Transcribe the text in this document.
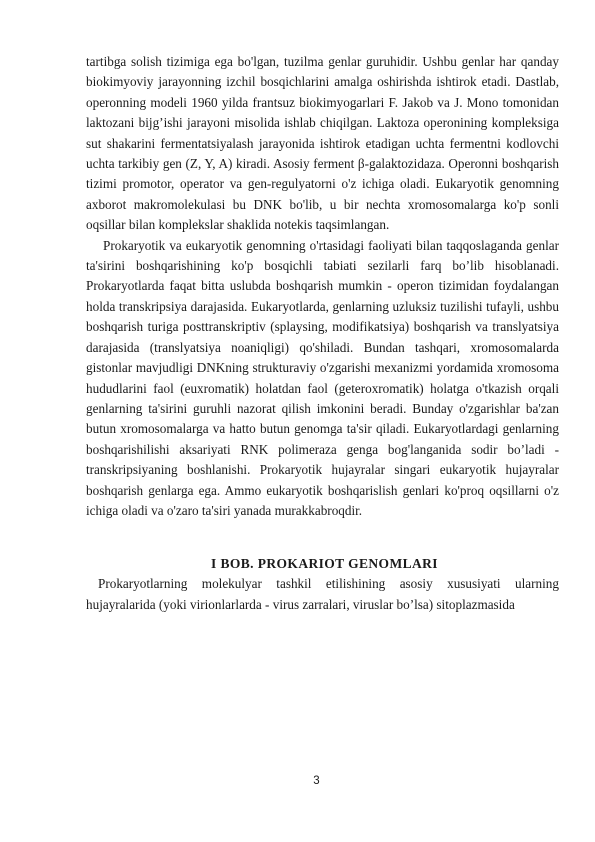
tartibga solish tizimiga ega bo'lgan, tuzilma genlar guruhidir. Ushbu genlar har qanday biokimyoviy jarayonning izchil bosqichlarini amalga oshirishda ishtirok etadi. Dastlab, operonning modeli 1960 yilda frantsuz biokimyogarlari F. Jakob va J. Mono tomonidan laktozani bijg’ishi jarayoni misolida ishlab chiqilgan. Laktoza operonining kompleksiga sut shakarini fermentatsiyalash jarayonida ishtirok etadigan uchta fermentni kodlovchi uchta tarkibiy gen (Z, Y, A) kiradi. Asosiy ferment β-galaktozidaza. Operonni boshqarish tizimi promotor, operator va gen-regulyatorni o'z ichiga oladi. Eukaryotik genomning axborot makromolekulasi bu DNK bo'lib, u bir nechta xromosomalarga ko'p sonli oqsillar bilan komplekslar shaklida notekis taqsimlangan.

Prokaryotik va eukaryotik genomning o'rtasidagi faoliyati bilan taqqoslaganda genlar ta'sirini boshqarishining ko'p bosqichli tabiati sezilarli farq bo’lib hisoblanadi. Prokaryotlarda faqat bitta uslubda boshqarish mumkin - operon tizimidan foydalangan holda transkripsiya darajasida. Eukaryotlarda, genlarning uzluksiz tuzilishi tufayli, ushbu boshqarish turiga posttranskriptiv (splaysing, modifikatsiya) boshqarish va translyatsiya darajasida (translyatsiya noaniqligi) qo'shiladi. Bundan tashqari, xromosomalarda gistonlar mavjudligi DNKning strukturaviy o'zgarishi mexanizmi yordamida xromosoma hududlarini faol (euxromatik) holatdan faol (geteroxromatik) holatga o'tkazish orqali genlarning ta'sirini guruhli nazorat qilish imkonini beradi. Bunday o'zgarishlar ba'zan butun xromosomalarga va hatto butun genomga ta'sir qiladi. Eukaryotlardagi genlarning boshqarishilishi aksariyati RNK polimeraza genga bog'langanida sodir bo’ladi - transkripsiyaning boshlanishi. Prokaryotik hujayralar singari eukaryotik hujayralar boshqarish genlarga ega. Ammo eukaryotik boshqarislish genlari ko'proq oqsillarni o'z ichiga oladi va o'zaro ta'siri yanada murakkabroqdir.

I BOB. PROKARIOT GENOMLARI

Prokaryotlarning molekulyar tashkil etilishining asosiy xususiyati ularning hujayralarida (yoki virionlarlarda - virus zarralari, viruslar bo’lsa) sitoplazmasida

3
